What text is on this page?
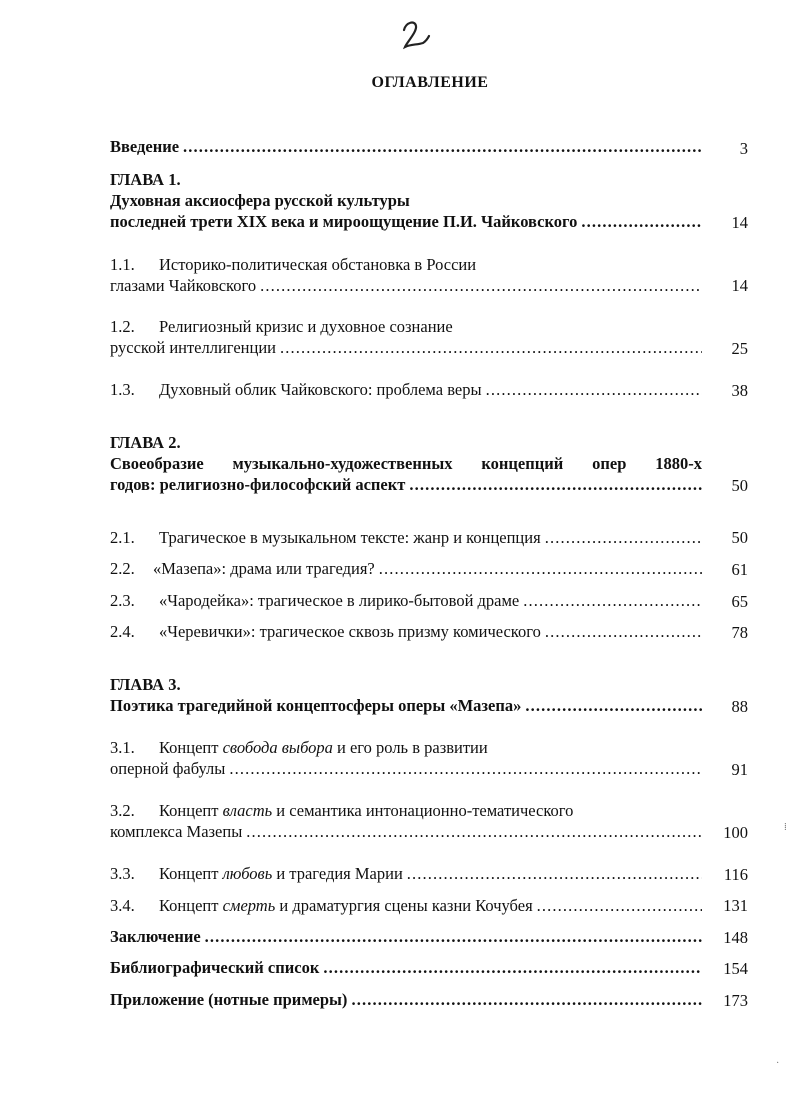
ОГЛАВЛЕНИЕ
Введение . . .	3
ГЛАВА 1.
Духовная аксиосфера русской культуры
последней трети XIX века и мироощущение П.И. Чайковского . . .	14
1.1.	Историко-политическая обстановка в России
глазами Чайковского . . .	14
1.2.	Религиозный кризис и духовное сознание
русской интеллигенции . . .	25
1.3.	Духовный облик Чайковского: проблема веры . . .	38
ГЛАВА 2.
Своеобразие музыкально-художественных концепций опер 1880-х
годов: религиозно-философский аспект . . .	50
2.1.	Трагическое в музыкальном тексте: жанр и концепция . . .	50
2.2.	«Мазепа»: драма или трагедия? . . .	61
2.3.	«Чародейка»: трагическое в лирико-бытовой драме . . .	65
2.4.	«Черевички»: трагическое сквозь призму комического . . .	78
ГЛАВА 3.
Поэтика трагедийной концептосферы оперы «Мазепа» . . .	88
3.1.	Концепт
свобода выбора
и его роль в развитии
оперной фабулы . . .	91
3.2.	Концепт
власть
и семантика интонационно-тематического
комплекса Мазепы . . .	100
3.3.	Концепт
любовь
и трагедия Марии . . .	116
3.4.	Концепт
смерть
и драматургия сцены казни Кочубея . . .	131
Заключение . . .	148
Библиографический список . . .	154
Приложение (нотные примеры) . . .	173
⁞
·
